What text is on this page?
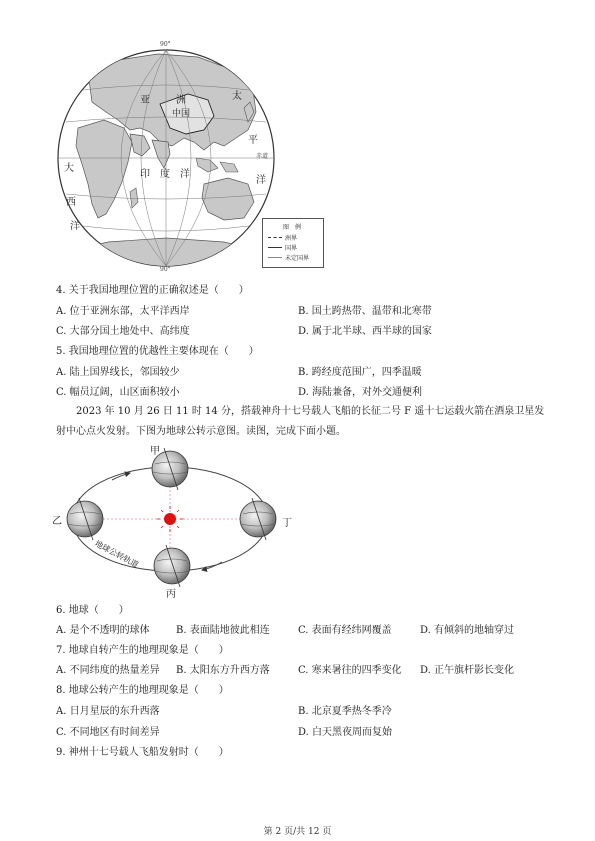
90°
90°
亚	洲
中国
太
平
洋
赤道
印 度 洋
大
西
洋	图 例
洲界
国界
未定国界
4. 关于我国地理位置的正确叙述是（　　）
A. 位于亚洲东部，太平洋西岸	B. 国土跨热带、温带和北寒带
C. 大部分国土地处中、高纬度	D. 属于北半球、西半球的国家
5. 我国地理位置的优越性主要体现在（　　）
A. 陆上国界线长，邻国较少	B. 跨经度范围广，四季温暖
C. 幅员辽阔，山区面积较小	D. 海陆兼备，对外交通便利
2023 年 10 月 26 日 11 时 14 分，搭载神舟十七号载人飞船的长征二号 F 遥十七运载火箭在酒泉卫星发射中心点火发射。下图为地球公转示意图。读图，完成下面小题。
甲
乙
丙
丁
地球公转轨道
6. 地球（　　）
A. 是个不透明的球体	B. 表面陆地彼此相连	C. 表面有经纬网覆盖	D. 有倾斜的地轴穿过
7. 地球自转产生的地理现象是（　　）
A. 不同纬度的热量差异 B. 太阳东方升西方落	C. 寒来暑往的四季变化 D. 正午旗杆影长变化
8. 地球公转产生的地理现象是（　　）
A. 日月星辰的东升西落	B. 北京夏季热冬季冷
C. 不同地区有时间差异	D. 白天黑夜周而复始
9. 神州十七号载人飞船发射时（　　）
第 2 页/共 12 页
